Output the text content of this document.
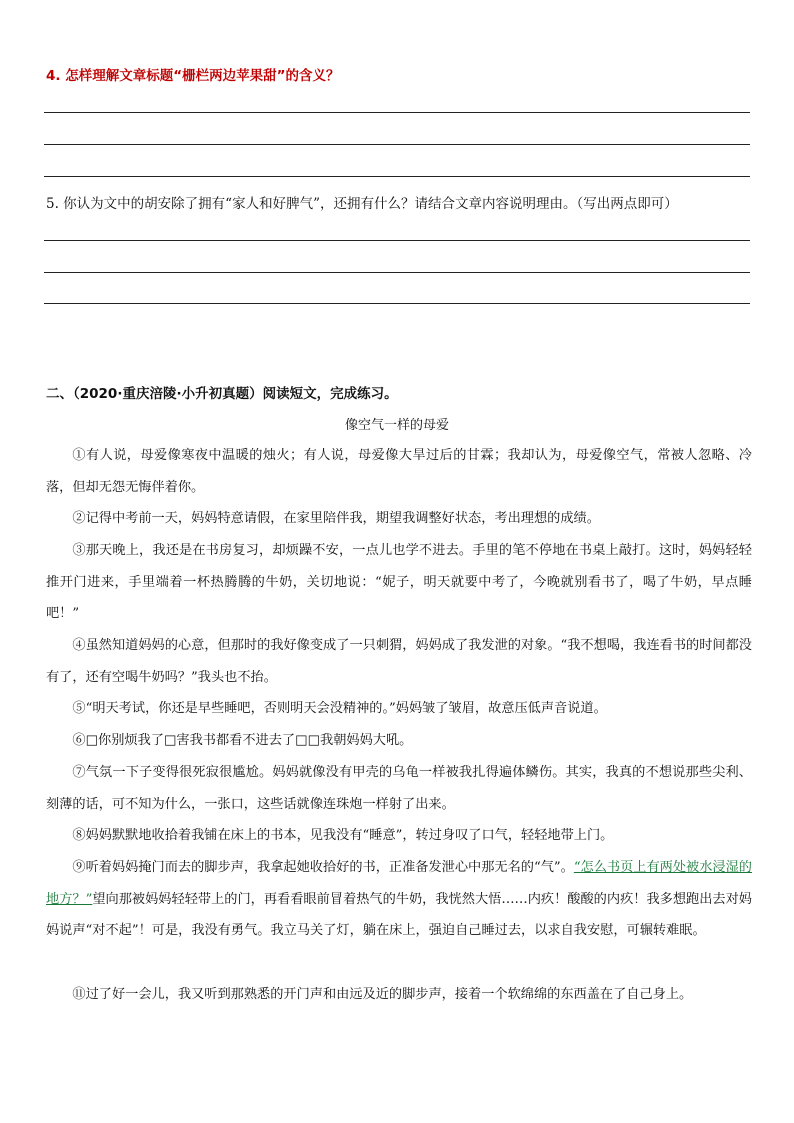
4. 怎样理解文章标题“栅栏两边苹果甜”的含义？
5. 你认为文中的胡安除了拥有“家人和好脾气”，还拥有什么？请结合文章内容说明理由。（写出两点即可）
二、（2020·重庆涪陵·小升初真题）阅读短文，完成练习。
像空气一样的母爱
①有人说，母爱像寒夜中温暖的烛火；有人说，母爱像大旱过后的甘霖；我却认为，母爱像空气，常被人忽略、冷落，但却无怨无悔伴着你。
②记得中考前一天，妈妈特意请假，在家里陪伴我，期望我调整好状态，考出理想的成绩。
③那天晚上，我还是在书房复习，却烦躁不安，一点儿也学不进去。手里的笔不停地在书桌上敲打。这时，妈妈轻轻推开门进来，手里端着一杯热腾腾的牛奶，关切地说：“妮子，明天就要中考了，今晚就别看书了，喝了牛奶，早点睡吧！”
④虽然知道妈妈的心意，但那时的我好像变成了一只刺猬，妈妈成了我发泄的对象。“我不想喝，我连看书的时间都没有了，还有空喝牛奶吗？”我头也不抬。
⑤“明天考试，你还是早些睡吧，否则明天会没精神的。”妈妈皱了皱眉，故意压低声音说道。
⑥□你别烦我了□害我书都看不进去了□□我朝妈妈大吼。
⑦气氛一下子变得很死寂很尴尬。妈妈就像没有甲壳的乌龟一样被我扎得遍体鳞伤。其实，我真的不想说那些尖利、刻薄的话，可不知为什么，一张口，这些话就像连珠炮一样射了出来。
⑧妈妈默默地收拾着我铺在床上的书本，见我没有“睡意”，转过身叹了口气，轻轻地带上门。
⑨听着妈妈掩门而去的脚步声，我拿起她收拾好的书，正准备发泄心中那无名的“气”。“怎么书页上有两处被水浸湿的地方？”望向那被妈妈轻轻带上的门，再看看眼前冒着热气的牛奶，我恍然大悟……内疚！酸酸的内疚！我多想跑出去对妈妈说声“对不起”！可是，我没有勇气。我立马关了灯，躺在床上，强迫自己睡过去，以求自我安慰，可辗转难眠。
⑪过了好一会儿，我又听到那熟悉的开门声和由远及近的脚步声，接着一个软绵绵的东西盖在了自己身上。
